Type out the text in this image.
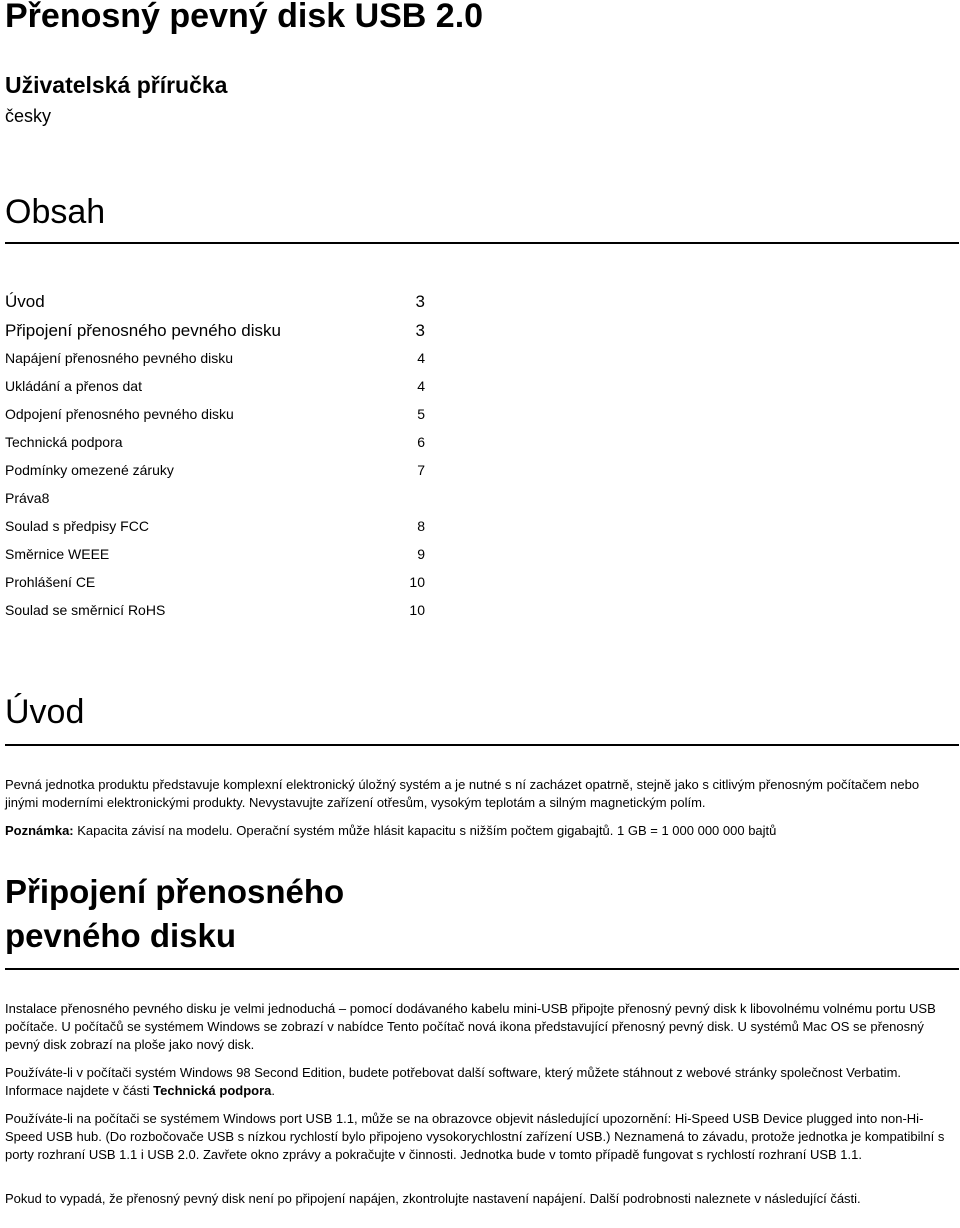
Přenosný pevný disk USB 2.0
Uživatelská příručka
česky
Obsah
Úvod	3
Připojení přenosného pevného disku	3
Napájení přenosného pevného disku	4
Ukládání a přenos dat	4
Odpojení přenosného pevného disku	5
Technická podpora	6
Podmínky omezené záruky	7
Práva8
Soulad s předpisy FCC	8
Směrnice WEEE	9
Prohlášení CE	10
Soulad se směrnicí RoHS	10
Úvod

Pevná jednotka produktu představuje komplexní elektronický úložný systém a je nutné s ní zacházet opatrně, stejně jako s citlivým přenosným počítačem nebo jinými moderními elektronickými produkty. Nevystavujte zařízení otřesům, vysokým teplotám a silným magnetickým polím.

Poznámka: Kapacita závisí na modelu. Operační systém může hlásit kapacitu s nižším počtem gigabajtů. 1 GB = 1 000 000 000 bajtů

Připojení přenosného
pevného disku

Instalace přenosného pevného disku je velmi jednoduchá – pomocí dodávaného kabelu mini-USB připojte přenosný pevný disk k libovolnému volnému portu USB počítače. U počítačů se systémem Windows se zobrazí v nabídce Tento počítač nová ikona představující přenosný pevný disk. U systémů Mac OS se přenosný pevný disk zobrazí na ploše jako nový disk.

Používáte-li v počítači systém Windows 98 Second Edition, budete potřebovat další software, který můžete stáhnout z webové stránky společnost Verbatim. Informace najdete v části Technická podpora.

Používáte-li na počítači se systémem Windows port USB 1.1, může se na obrazovce objevit následující upozornění: Hi-Speed USB Device plugged into non-Hi-Speed USB hub. (Do rozbočovače USB s nízkou rychlostí bylo připojeno vysokorychlostní zařízení USB.) Neznamená to závadu, protože jednotka je kompatibilní s porty rozhraní USB 1.1 i USB 2.0. Zavřete okno zprávy a pokračujte v činnosti. Jednotka bude v tomto případě fungovat s rychlostí rozhraní USB 1.1.

Pokud to vypadá, že přenosný pevný disk není po připojení napájen, zkontrolujte nastavení napájení. Další podrobnosti naleznete v následující části.
